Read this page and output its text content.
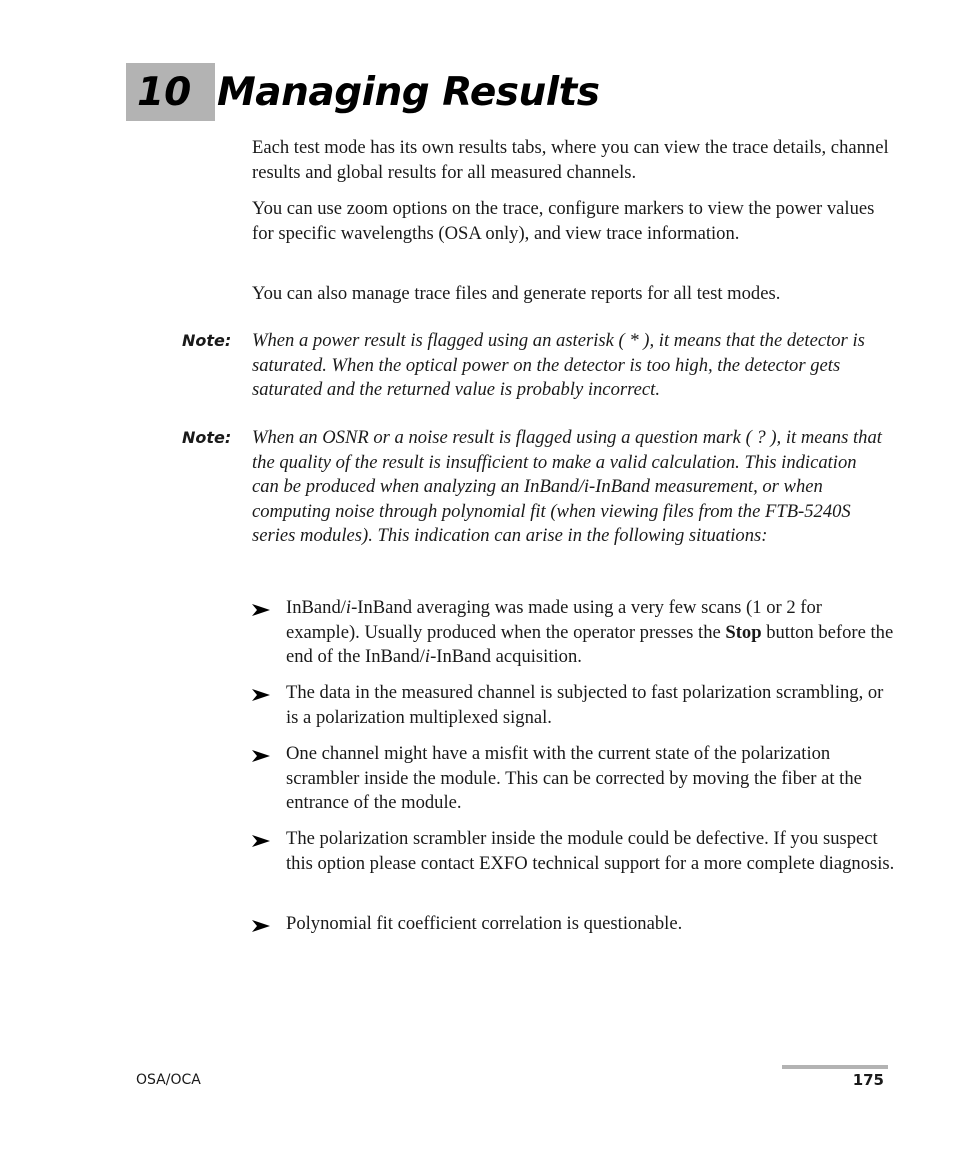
10 Managing Results

Each test mode has its own results tabs, where you can view the trace details, channel results and global results for all measured channels.

You can use zoom options on the trace, configure markers to view the power values for specific wavelengths (OSA only), and view trace information.

You can also manage trace files and generate reports for all test modes.

Note: When a power result is flagged using an asterisk ( * ), it means that the detector is saturated. When the optical power on the detector is too high, the detector gets saturated and the returned value is probably incorrect.

Note: When an OSNR or a noise result is flagged using a question mark ( ? ), it means that the quality of the result is insufficient to make a valid calculation. This indication can be produced when analyzing an InBand/i-InBand measurement, or when computing noise through polynomial fit (when viewing files from the FTB-5240S series modules). This indication can arise in the following situations:

InBand/i-InBand averaging was made using a very few scans (1 or 2 for example). Usually produced when the operator presses the Stop button before the end of the InBand/i-InBand acquisition.

The data in the measured channel is subjected to fast polarization scrambling, or is a polarization multiplexed signal.

One channel might have a misfit with the current state of the polarization scrambler inside the module. This can be corrected by moving the fiber at the entrance of the module.

The polarization scrambler inside the module could be defective. If you suspect this option please contact EXFO technical support for a more complete diagnosis.

Polynomial fit coefficient correlation is questionable.

OSA/OCA	175
